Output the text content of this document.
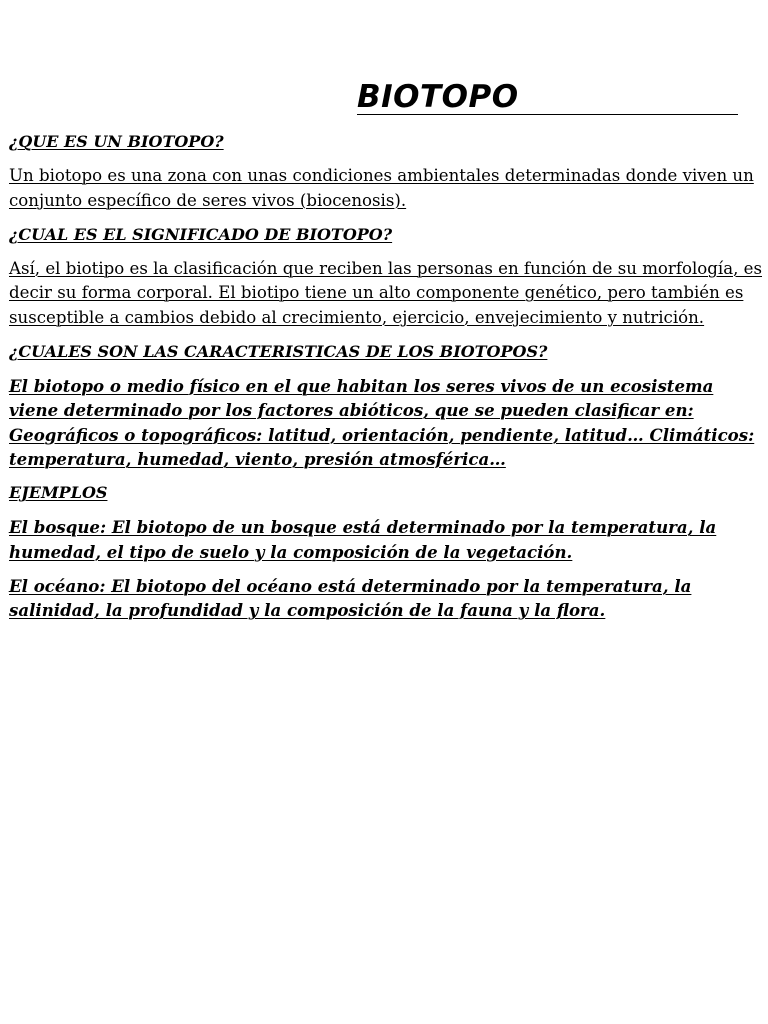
BIOTOPO

¿QUE ES UN BIOTOPO?

Un biotopo es una zona con unas condiciones ambientales determinadas donde viven un conjunto específico de seres vivos (biocenosis).

¿CUAL ES EL SIGNIFICADO DE BIOTOPO?

Así, el biotipo es la clasificación que reciben las personas en función de su morfología, es decir su forma corporal. El biotipo tiene un alto componente genético, pero también es susceptible a cambios debido al crecimiento, ejercicio, envejecimiento y nutrición.

¿CUALES SON LAS CARACTERISTICAS DE LOS BIOTOPOS?

El biotopo o medio físico en el que habitan los seres vivos de un ecosistema viene determinado por los factores abióticos, que se pueden clasificar en: Geográficos o topográficos: latitud, orientación, pendiente, latitud… Climáticos: temperatura, humedad, viento, presión atmosférica…

EJEMPLOS

El bosque: El biotopo de un bosque está determinado por la temperatura, la humedad, el tipo de suelo y la composición de la vegetación.

El océano: El biotopo del océano está determinado por la temperatura, la salinidad, la profundidad y la composición de la fauna y la flora.
